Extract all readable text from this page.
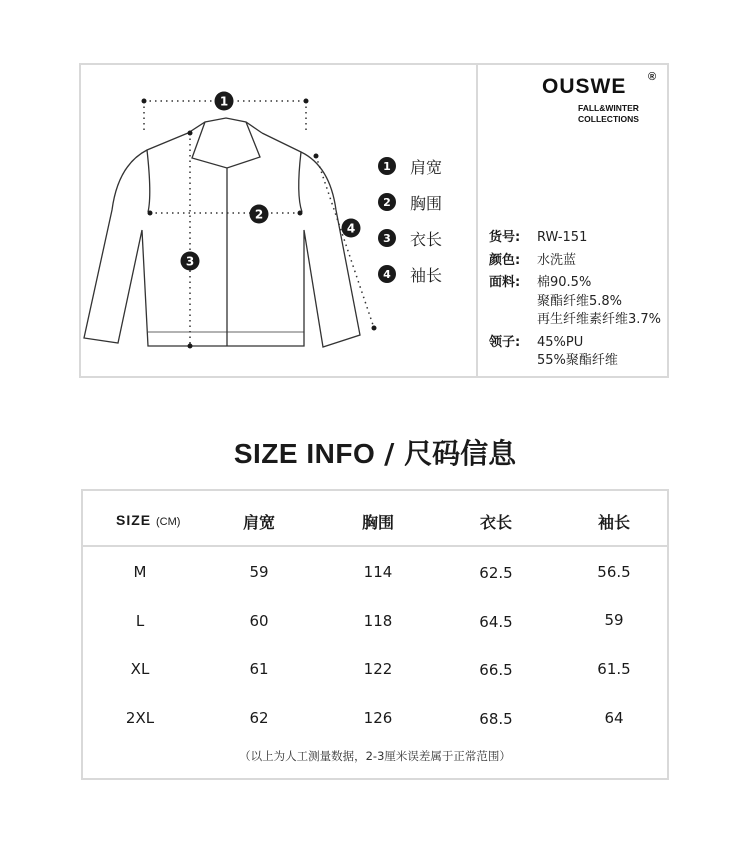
1
2
3
4
1	肩宽
2	胸围
3	衣长
4	袖长
OUSWE ®
FALL&WINTER
COLLECTIONS
货号:	RW-151
颜色:	水洗蓝
面料:	棉90.5%
聚酯纤维5.8%
再生纤维素纤维3.7%
领子:	45%PU
55%聚酯纤维
SIZE INFO / 尺码信息
SIZE (CM)	肩宽	胸围	衣长	袖长
M	59	114	62.5	56.5
L	60	118	64.5	59
XL	61	122	66.5	61.5
2XL	62	126	68.5	64
（以上为人工测量数据，2-3厘米误差属于正常范围）
